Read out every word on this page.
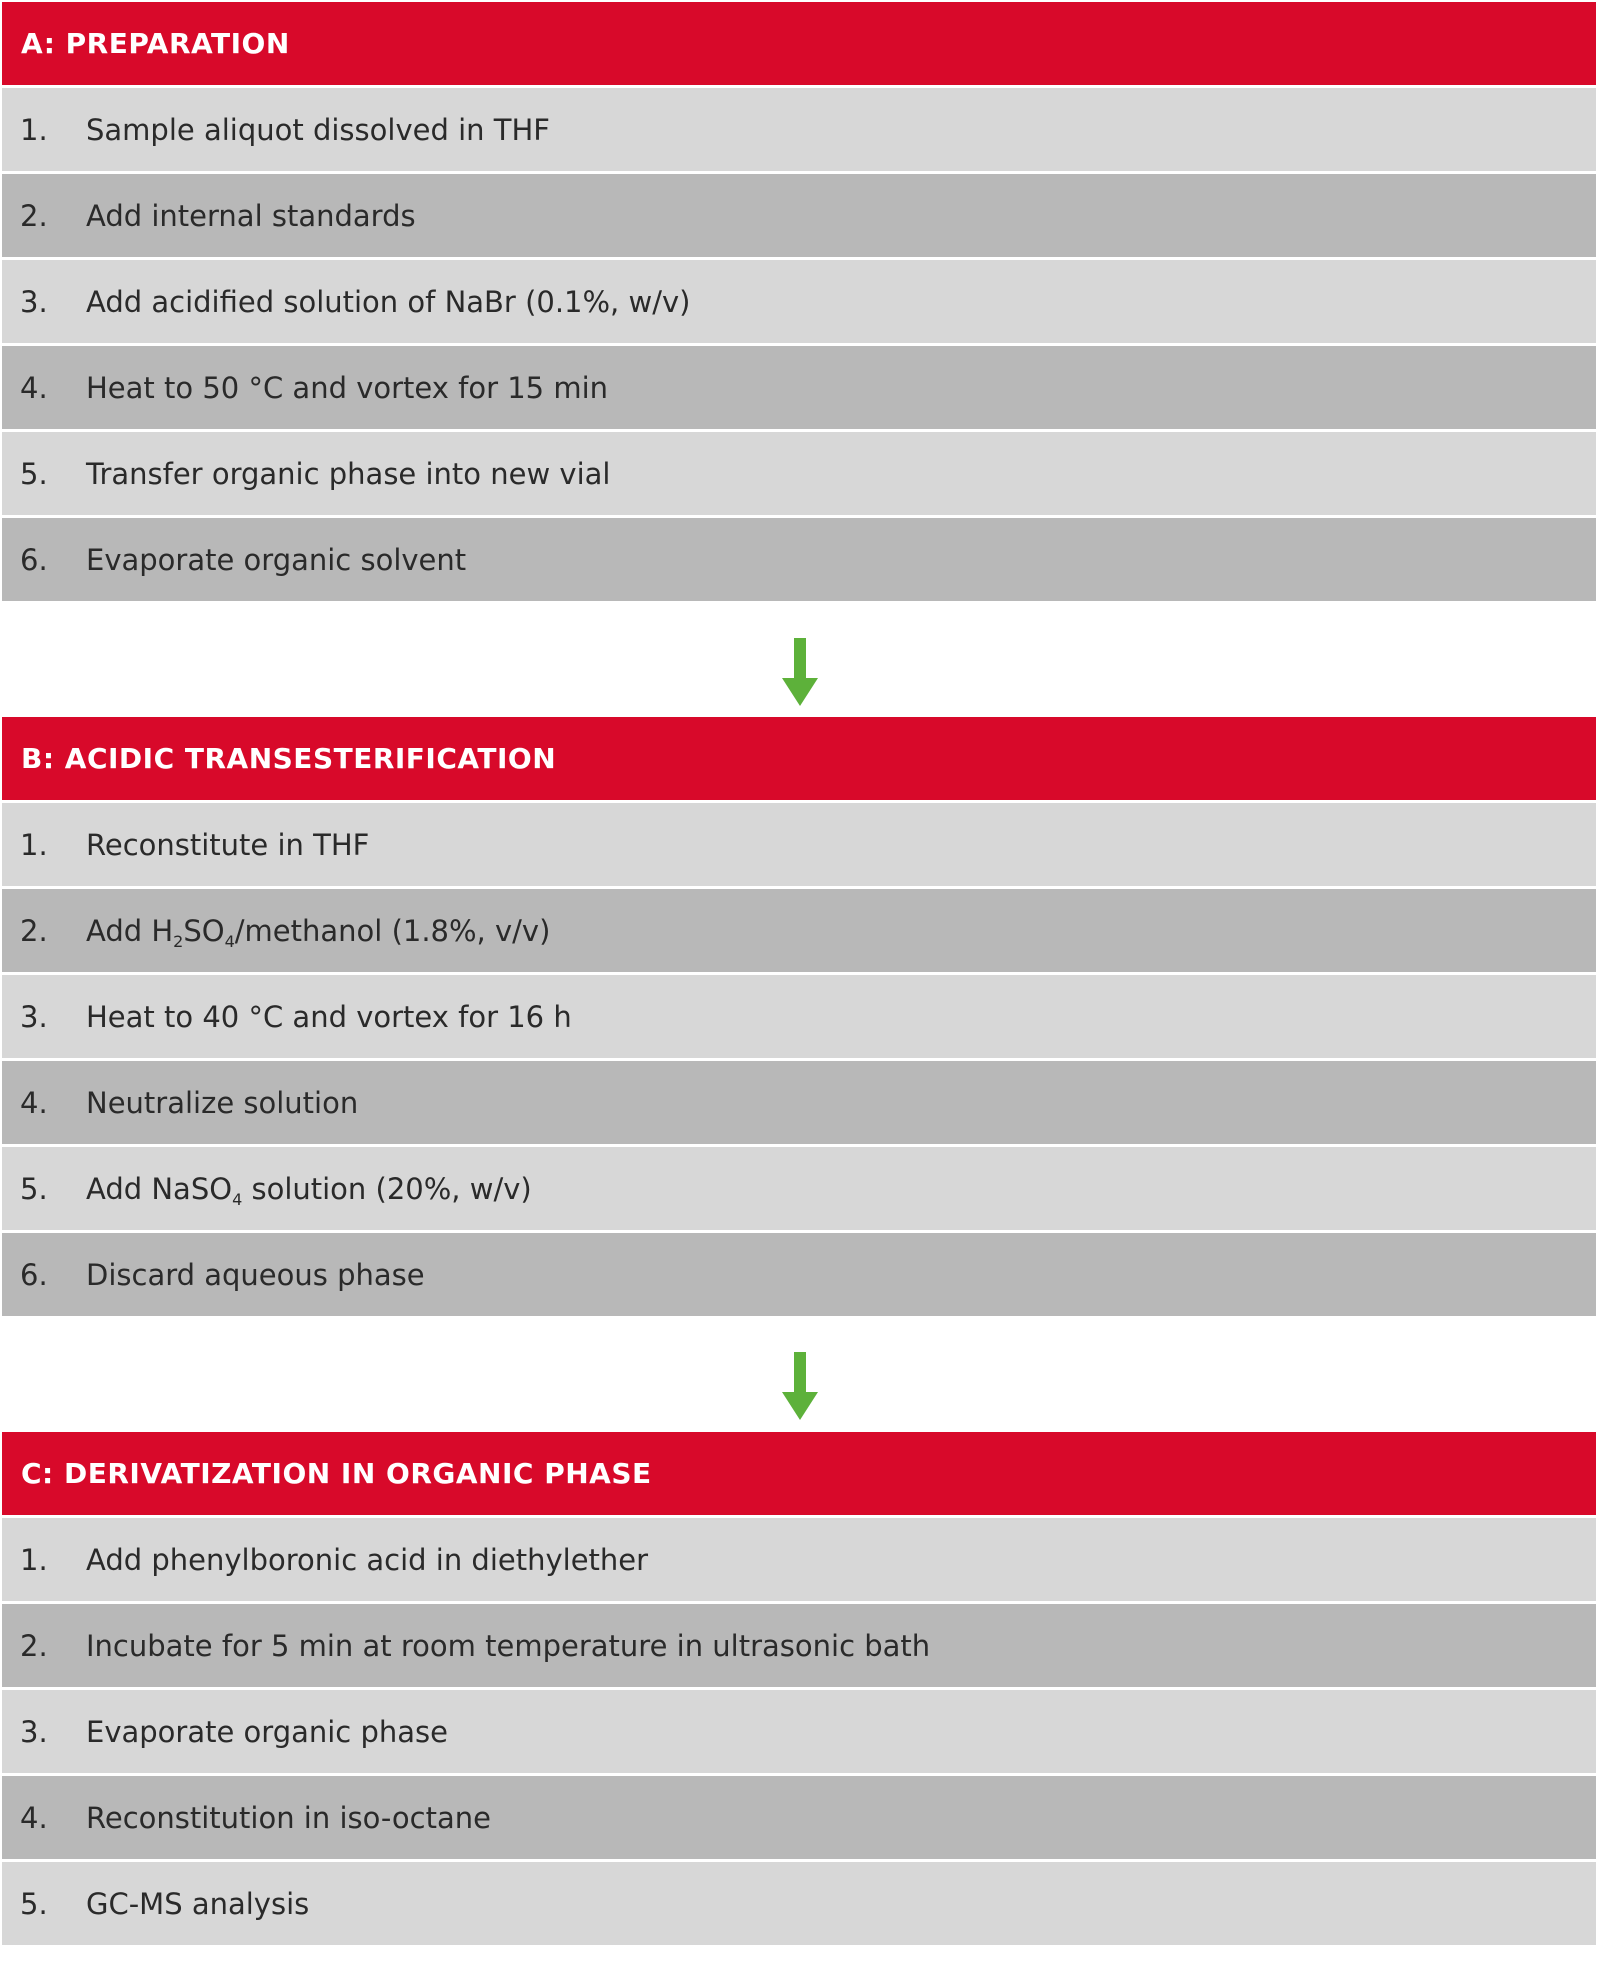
A: PREPARATION
1.	Sample aliquot dissolved in THF
2.	Add internal standards
3.	Add acidified solution of NaBr (0.1%, w/v)
4.	Heat to 50 °C and vortex for 15 min
5.	Transfer organic phase into new vial
6.	Evaporate organic solvent
B: ACIDIC TRANSESTERIFICATION
1.	Reconstitute in THF
2.	Add $H_2SO_4$/methanol (1.8%, v/v)
3.	Heat to 40 °C and vortex for 16 h
4.	Neutralize solution
5.	Add NaSO$_4$ solution (20%, w/v)
6.	Discard aqueous phase
C: DERIVATIZATION IN ORGANIC PHASE
1.	Add phenylboronic acid in diethylether
2.	Incubate for 5 min at room temperature in ultrasonic bath
3.	Evaporate organic phase
4.	Reconstitution in iso-octane
5.	GC-MS analysis
